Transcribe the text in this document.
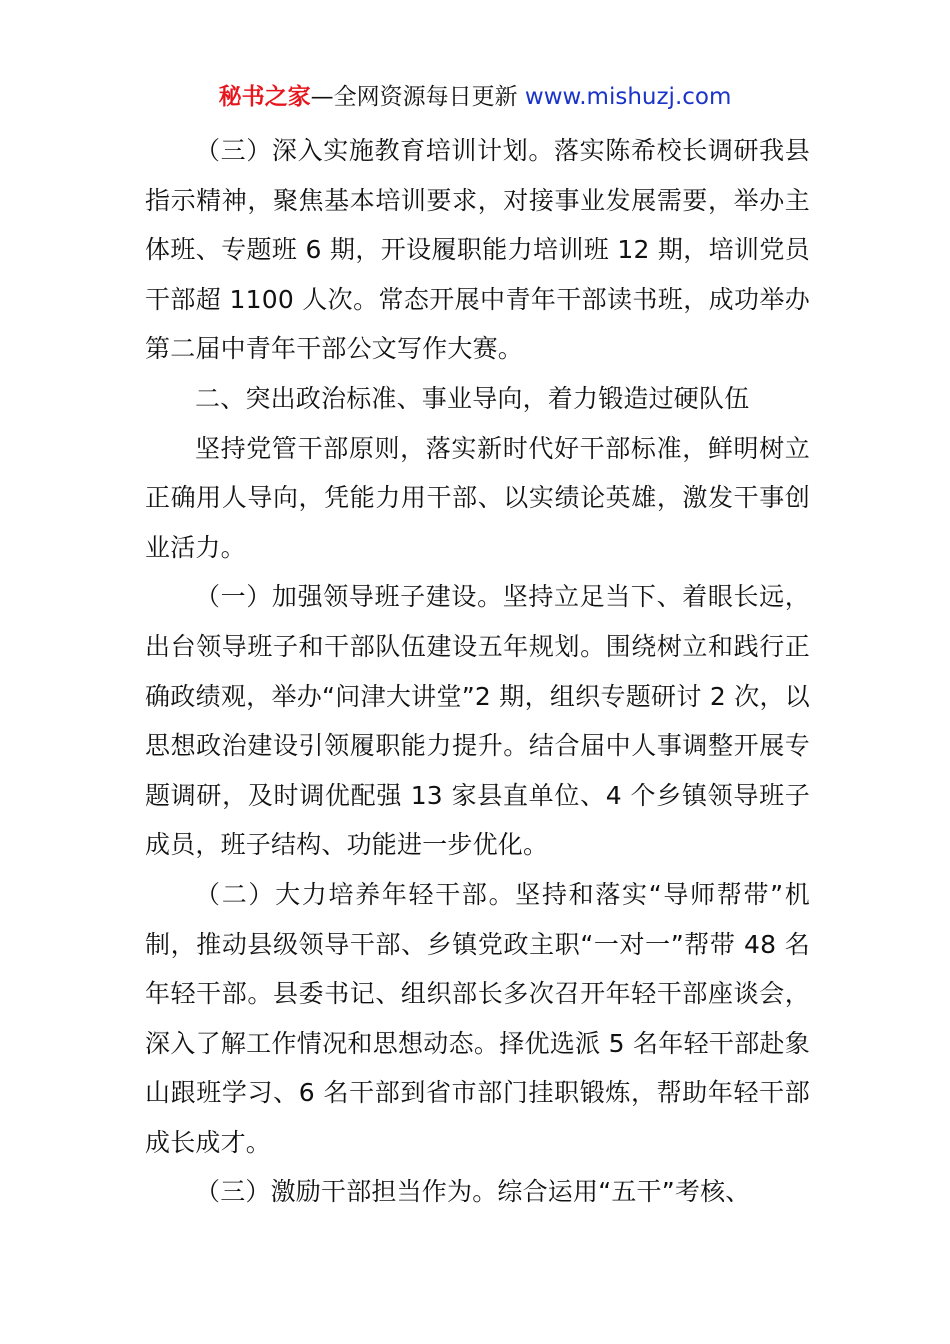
秘书之家—全网资源每日更新 www.mishuzj.com

（三）深入实施教育培训计划。落实陈希校长调研我县指示精神，聚焦基本培训要求，对接事业发展需要，举办主体班、专题班 6 期，开设履职能力培训班 12 期，培训党员干部超 1100 人次。常态开展中青年干部读书班，成功举办第二届中青年干部公文写作大赛。

二、突出政治标准、事业导向，着力锻造过硬队伍

坚持党管干部原则，落实新时代好干部标准，鲜明树立正确用人导向，凭能力用干部、以实绩论英雄，激发干事创业活力。

（一）加强领导班子建设。坚持立足当下、着眼长远，出台领导班子和干部队伍建设五年规划。围绕树立和践行正确政绩观，举办“问津大讲堂”2 期，组织专题研讨 2 次，以思想政治建设引领履职能力提升。结合届中人事调整开展专题调研，及时调优配强 13 家县直单位、4 个乡镇领导班子成员，班子结构、功能进一步优化。

（二）大力培养年轻干部。坚持和落实“导师帮带”机制，推动县级领导干部、乡镇党政主职“一对一”帮带 48 名年轻干部。县委书记、组织部长多次召开年轻干部座谈会，深入了解工作情况和思想动态。择优选派 5 名年轻干部赴象山跟班学习、6 名干部到省市部门挂职锻炼，帮助年轻干部成长成才。

（三）激励干部担当作为。综合运用“五干”考核、
